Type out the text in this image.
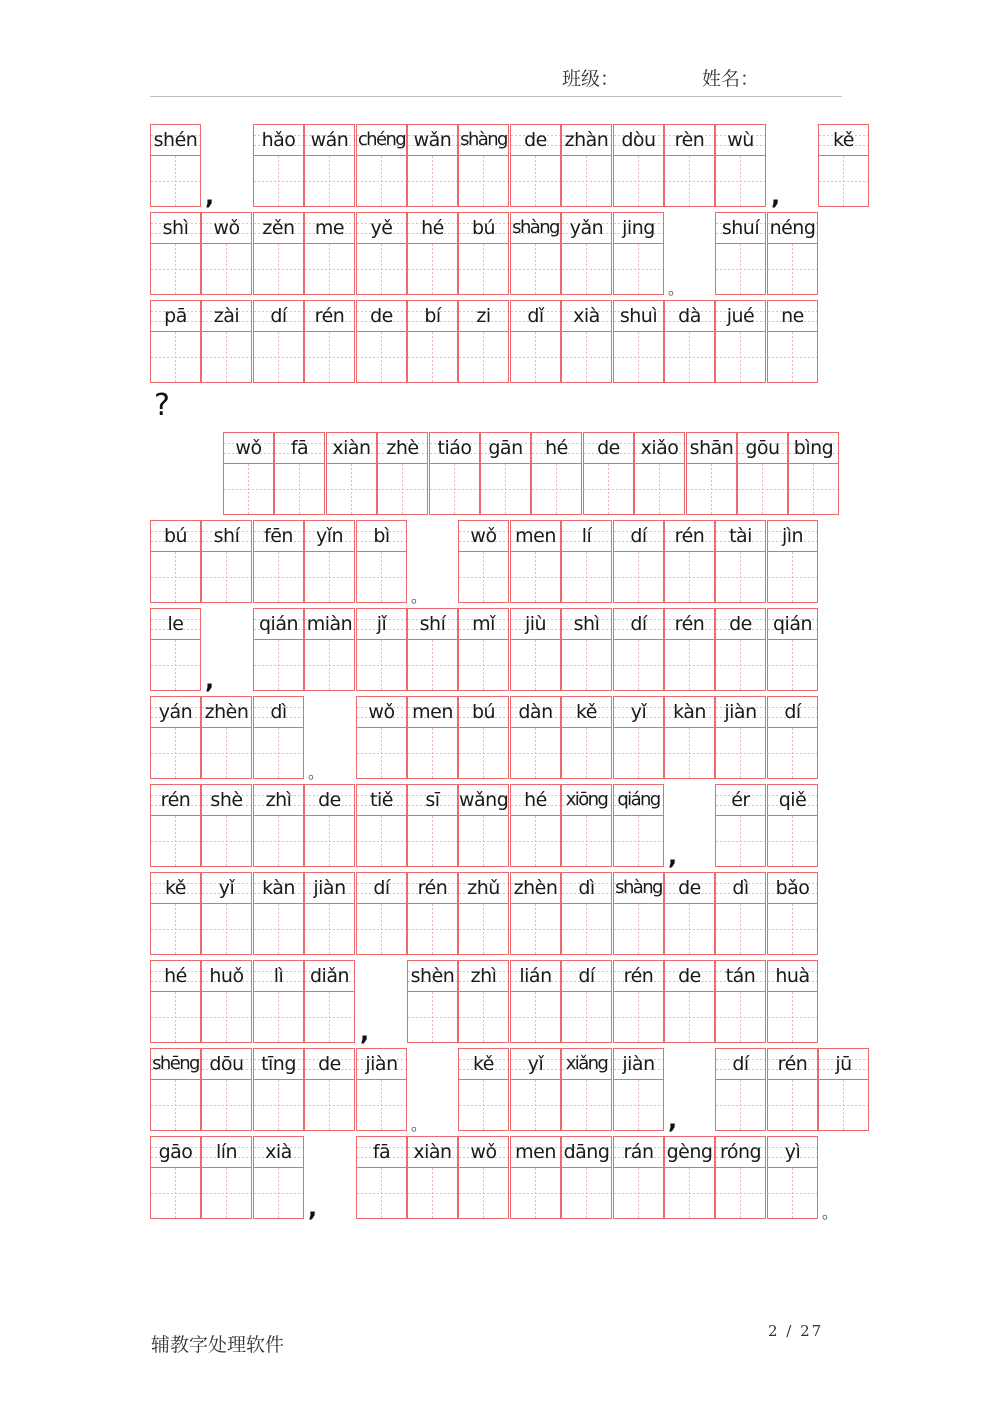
班级：	姓名：
shén
,
hǎo wán chéng wǎn shàng de zhàn dòu	rèn	wù
,
kě
shì	wǒ	zěn	me	yě	hé	bú shàng yǎn jing
。
shuí néng
pā	zài	dí	rén	de	bí	zi	dǐ	xià	shuì	dà	jué	ne
?
wǒ	fā	xiàn zhè tiáo gān	hé	de	xiǎo shān gōu bìng
bú	shí	fēn	yǐn	bì
。
wǒ men	lí	dí	rén	tài	jìn
le
,
qián miàn	jǐ	shí	mǐ	jiù	shì	dí	rén	de	qián
yán zhèn	dì
。
wǒ men	bú	dàn	kě	yǐ	kàn jiàn	dí
rén	shè	zhì	de	tiě	sī	wǎng hé	xiōng qiáng
,
ér	qiě
kě	yǐ	kàn jiàn	dí	rén	zhǔ zhèn	dì	shàng de	dì	bǎo
hé	huǒ	lì	diǎn
,
shèn zhì	lián	dí	rén	de	tán	huà
shēng dōu tīng	de	jiàn
。
kě	yǐ	xiǎng jiàn
,
dí	rén	jū
gāo	lín	xià
,
fā	xiàn wǒ men dāng rán gèng róng	yì
。
辅教字处理软件
2 / 27
